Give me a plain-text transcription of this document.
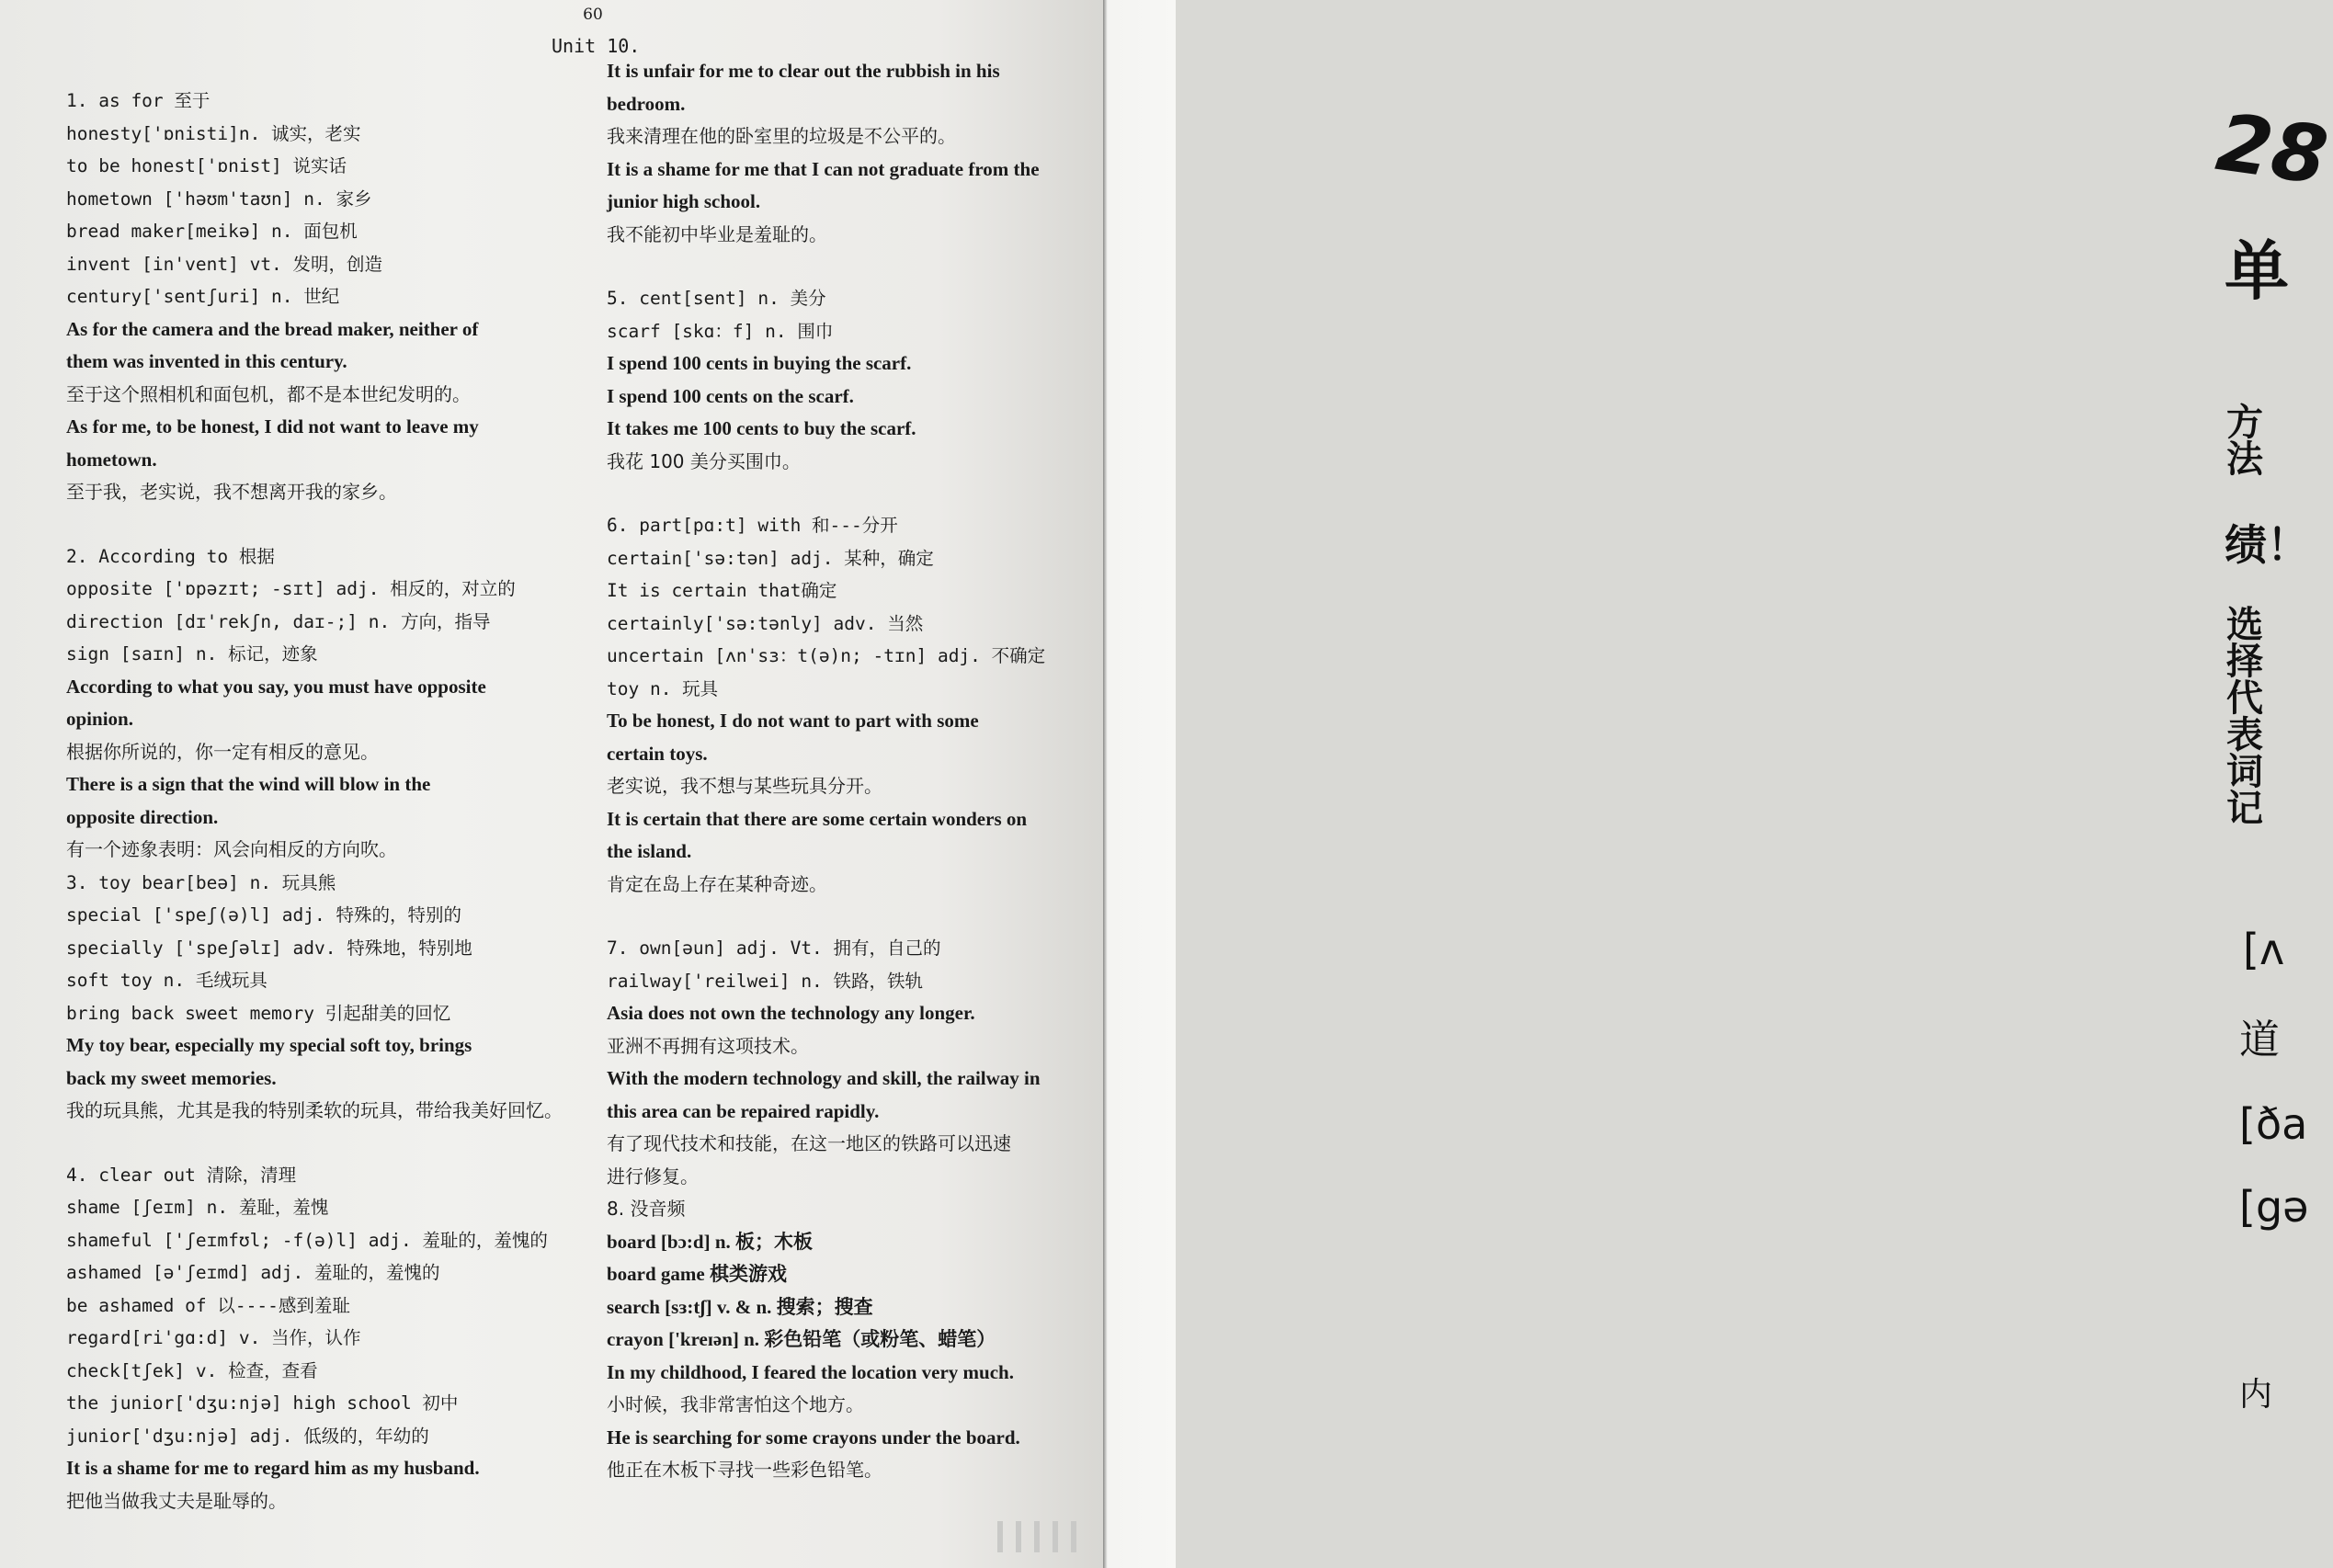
60
Unit 10.
1. as for 至于
honesty['ɒnisti]n. 诚实，老实
to be honest['ɒnist] 说实话
hometown ['həʊm'taʊn] n. 家乡
bread maker[meikə] n. 面包机
invent [in'vent] vt. 发明，创造
century['sentʃuri] n. 世纪
As for the camera and the bread maker, neither of
them was invented in this century.
至于这个照相机和面包机，都不是本世纪发明的。
As for me, to be honest, I did not want to leave my
hometown.
至于我，老实说，我不想离开我的家乡。
2. According to 根据
opposite ['ɒpəzɪt; -sɪt] adj. 相反的，对立的
direction [dɪ'rekʃn, daɪ-;] n. 方向，指导
sign [saɪn] n. 标记，迹象
According to what you say, you must have opposite
opinion.
根据你所说的，你一定有相反的意见。
There is a sign that the wind will blow in the
opposite direction.
有一个迹象表明：风会向相反的方向吹。
3. toy bear[beə] n. 玩具熊
special ['speʃ(ə)l] adj. 特殊的，特别的
specially ['speʃəlɪ] adv. 特殊地，特别地
soft toy n. 毛绒玩具
bring back sweet memory 引起甜美的回忆
My toy bear, especially my special soft toy, brings
back my sweet memories.
我的玩具熊，尤其是我的特别柔软的玩具，带给我美好回忆。
4. clear out 清除，清理
shame [ʃeɪm] n. 羞耻，羞愧
shameful ['ʃeɪmfʊl; -f(ə)l] adj. 羞耻的，羞愧的
ashamed [ə'ʃeɪmd] adj. 羞耻的，羞愧的
be ashamed of 以----感到羞耻
regard[ri'gɑ:d] v. 当作，认作
check[tʃek] v. 检查，查看
the junior['dʒu:njə] high school 初中
junior['dʒu:njə] adj. 低级的，年幼的
It is a shame for me to regard him as my husband.
把他当做我丈夫是耻辱的。
It is unfair for me to clear out the rubbish in his
bedroom.
我来清理在他的卧室里的垃圾是不公平的。
It is a shame for me that I can not graduate from the
junior high school.
我不能初中毕业是羞耻的。
5. cent[sent] n. 美分
scarf [skɑ：f] n. 围巾
I spend 100 cents in buying the scarf.
I spend 100 cents on the scarf.
It takes me 100 cents to buy the scarf.
我花 100 美分买围巾。
6. part[pɑ:t] with 和---分开
certain['sə:tən] adj. 某种，确定
It is certain that确定
certainly['sə:tənly] adv. 当然
uncertain [ʌn'sɜ：t(ə)n; -tɪn] adj. 不确定
toy n. 玩具
To be honest, I do not want to part with some
certain toys.
老实说，我不想与某些玩具分开。
It is certain that there are some certain wonders on
the island.
肯定在岛上存在某种奇迹。
7. own[əun] adj. Vt. 拥有，自己的
railway['reilwei] n. 铁路，铁轨
Asia does not own the technology any longer.
亚洲不再拥有这项技术。
With the modern technology and skill, the railway in
this area can be repaired rapidly.
有了现代技术和技能，在这一地区的铁路可以迅速
进行修复。
8. 没音频
board [bɔ:d] n. 板；木板
board game 棋类游戏
search [sɜ:tʃ] v. & n. 搜索；搜查
crayon ['kreɪən] n. 彩色铅笔（或粉笔、蜡笔）
In my childhood, I feared the location very much.
小时候，我非常害怕这个地方。
He is searching for some crayons under the board.
他正在木板下寻找一些彩色铅笔。
28
单
方法
绩！
选择
代表
词记
[ʌ
道
[ða
[gə
内
